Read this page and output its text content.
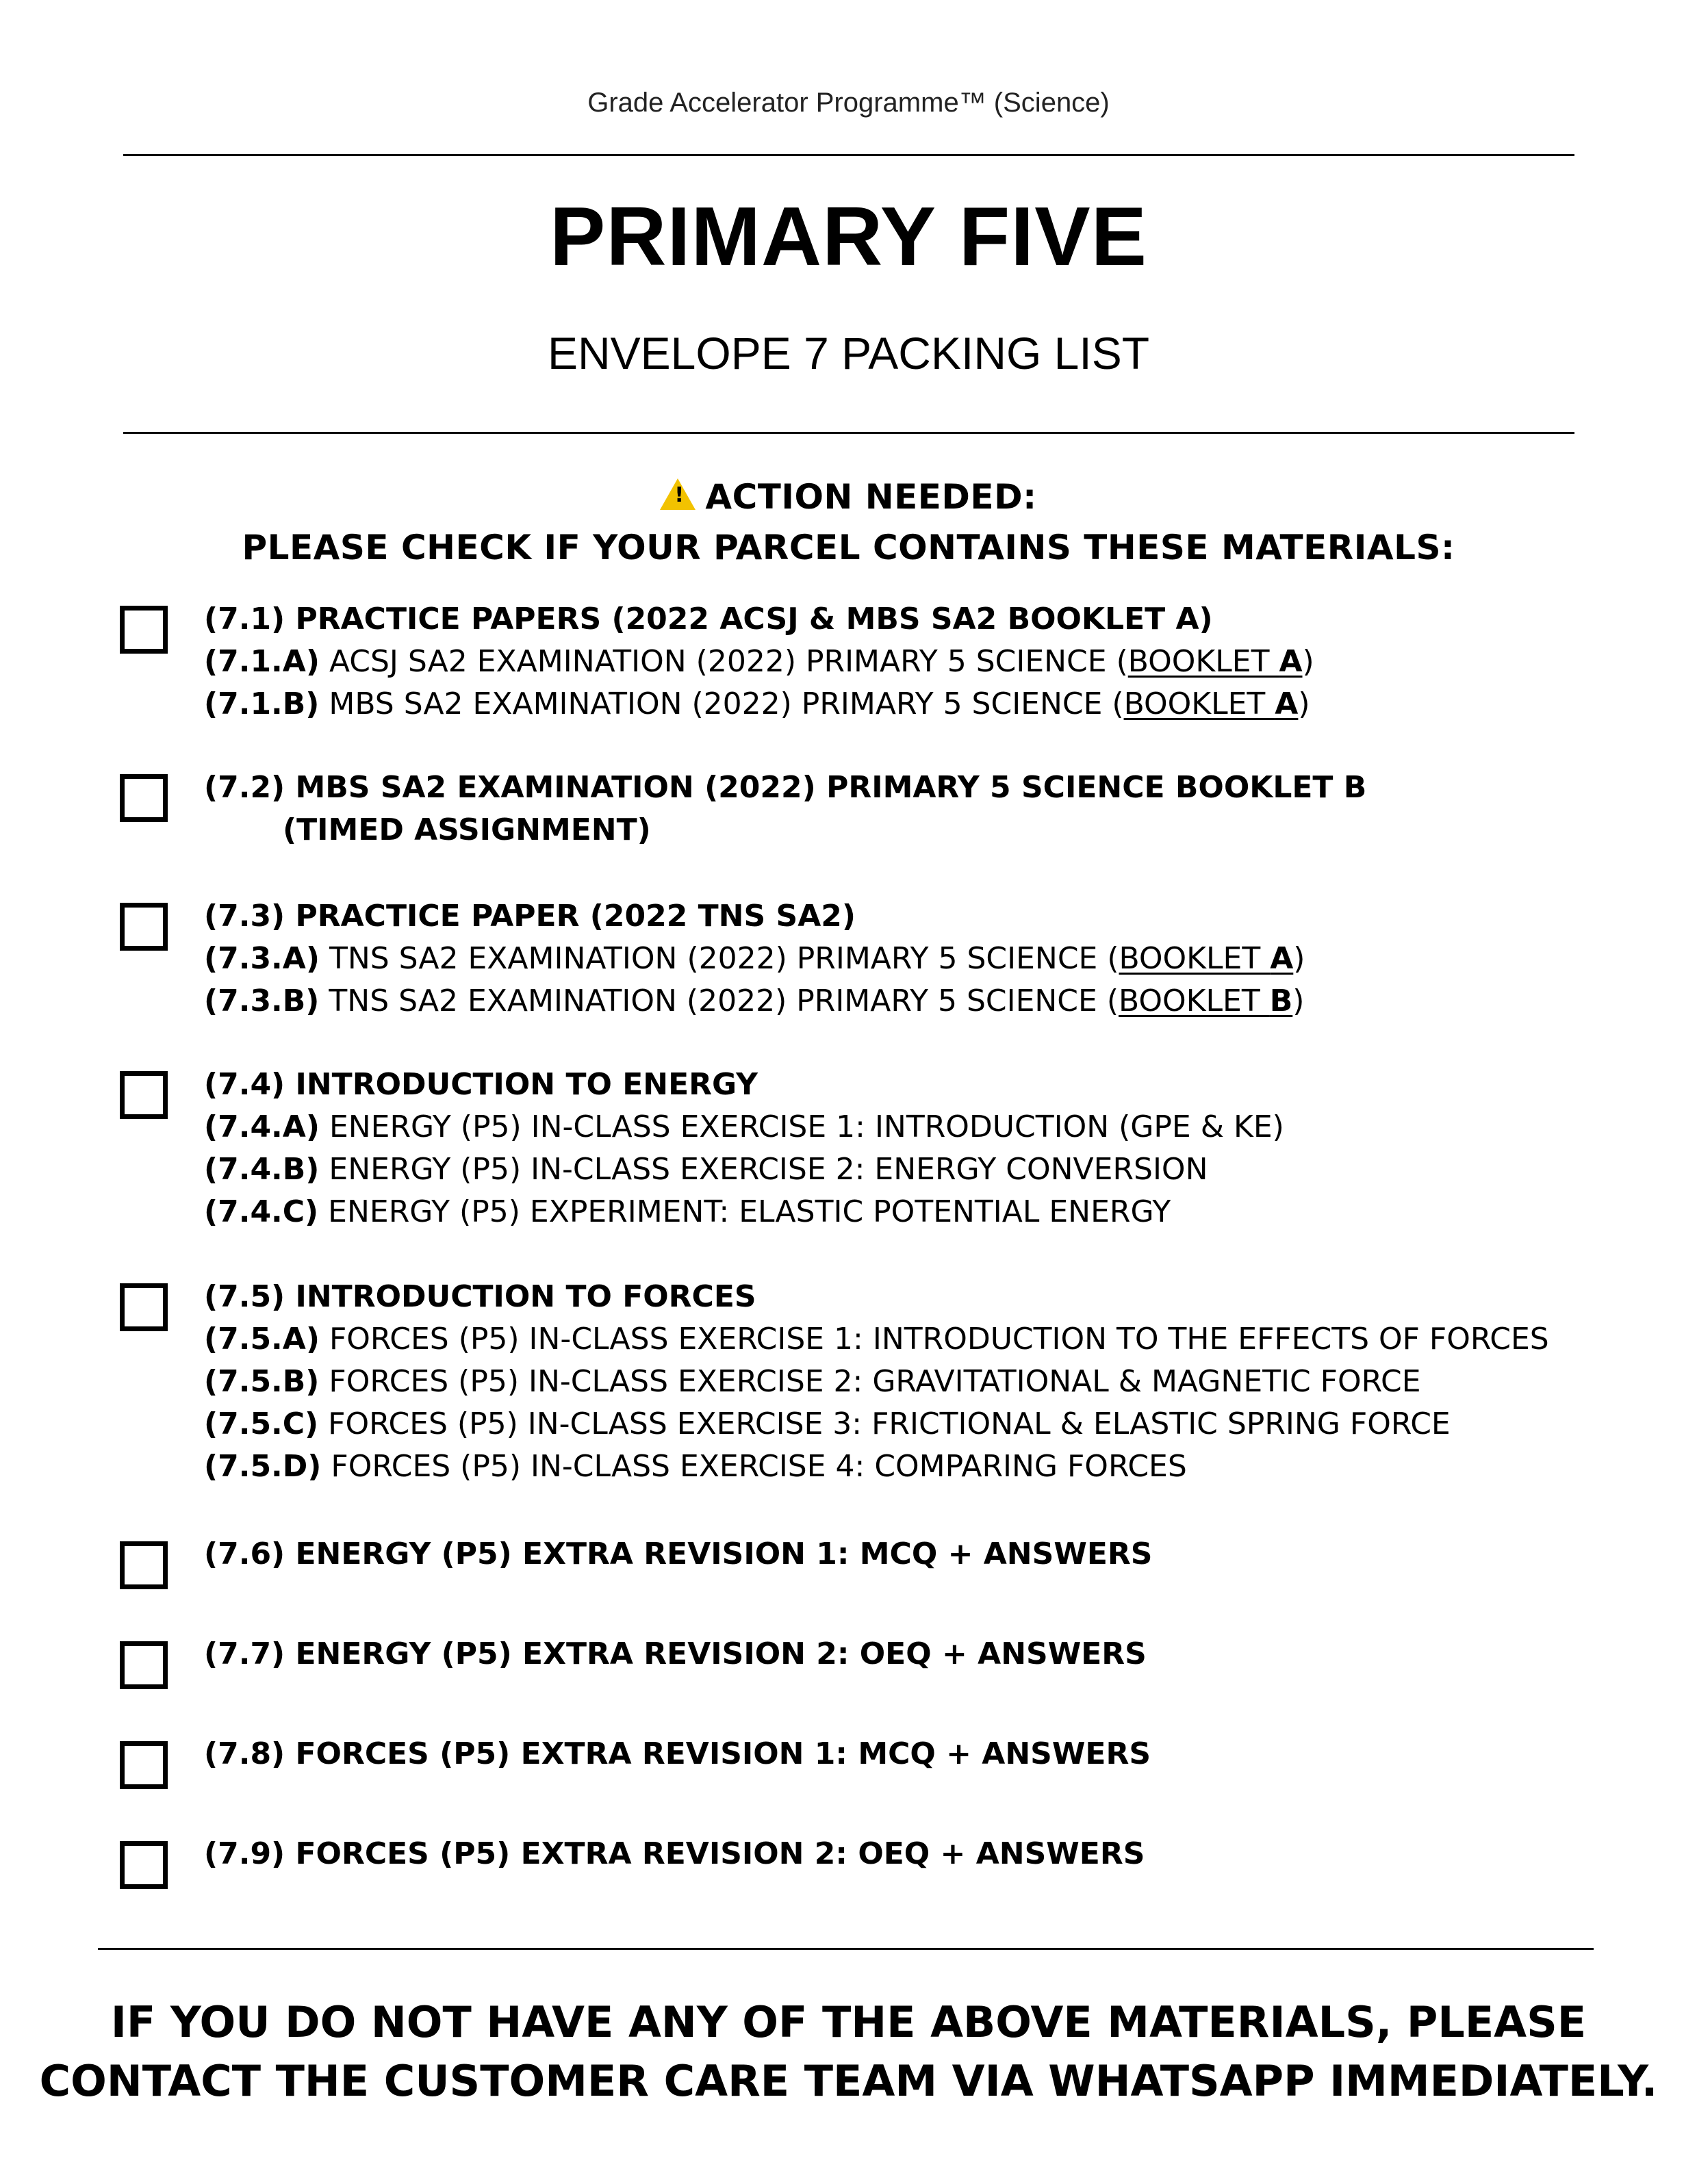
Grade Accelerator Programme™ (Science)
PRIMARY FIVE
ENVELOPE 7 PACKING LIST
! ACTION NEEDED:
PLEASE CHECK IF YOUR PARCEL CONTAINS THESE MATERIALS:
(7.1) PRACTICE PAPERS (2022 ACSJ & MBS SA2 BOOKLET A)
(7.1.A) ACSJ SA2 EXAMINATION (2022) PRIMARY 5 SCIENCE (BOOKLET A)
(7.1.B) MBS SA2 EXAMINATION (2022) PRIMARY 5 SCIENCE (BOOKLET A)
(7.2) MBS SA2 EXAMINATION (2022) PRIMARY 5 SCIENCE BOOKLET B
(TIMED ASSIGNMENT)
(7.3) PRACTICE PAPER (2022 TNS SA2)
(7.3.A) TNS SA2 EXAMINATION (2022) PRIMARY 5 SCIENCE (BOOKLET A)
(7.3.B) TNS SA2 EXAMINATION (2022) PRIMARY 5 SCIENCE (BOOKLET B)
(7.4) INTRODUCTION TO ENERGY
(7.4.A) ENERGY (P5) IN-CLASS EXERCISE 1: INTRODUCTION (GPE & KE)
(7.4.B) ENERGY (P5) IN-CLASS EXERCISE 2: ENERGY CONVERSION
(7.4.C) ENERGY (P5) EXPERIMENT: ELASTIC POTENTIAL ENERGY
(7.5) INTRODUCTION TO FORCES
(7.5.A) FORCES (P5) IN-CLASS EXERCISE 1: INTRODUCTION TO THE EFFECTS OF FORCES
(7.5.B) FORCES (P5) IN-CLASS EXERCISE 2: GRAVITATIONAL & MAGNETIC FORCE
(7.5.C) FORCES (P5) IN-CLASS EXERCISE 3: FRICTIONAL & ELASTIC SPRING FORCE
(7.5.D) FORCES (P5) IN-CLASS EXERCISE 4: COMPARING FORCES
(7.6) ENERGY (P5) EXTRA REVISION 1: MCQ + ANSWERS
(7.7) ENERGY (P5) EXTRA REVISION 2: OEQ + ANSWERS
(7.8) FORCES (P5) EXTRA REVISION 1: MCQ + ANSWERS
(7.9) FORCES (P5) EXTRA REVISION 2: OEQ + ANSWERS
IF YOU DO NOT HAVE ANY OF THE ABOVE MATERIALS, PLEASE
CONTACT THE CUSTOMER CARE TEAM VIA WHATSAPP IMMEDIATELY.
